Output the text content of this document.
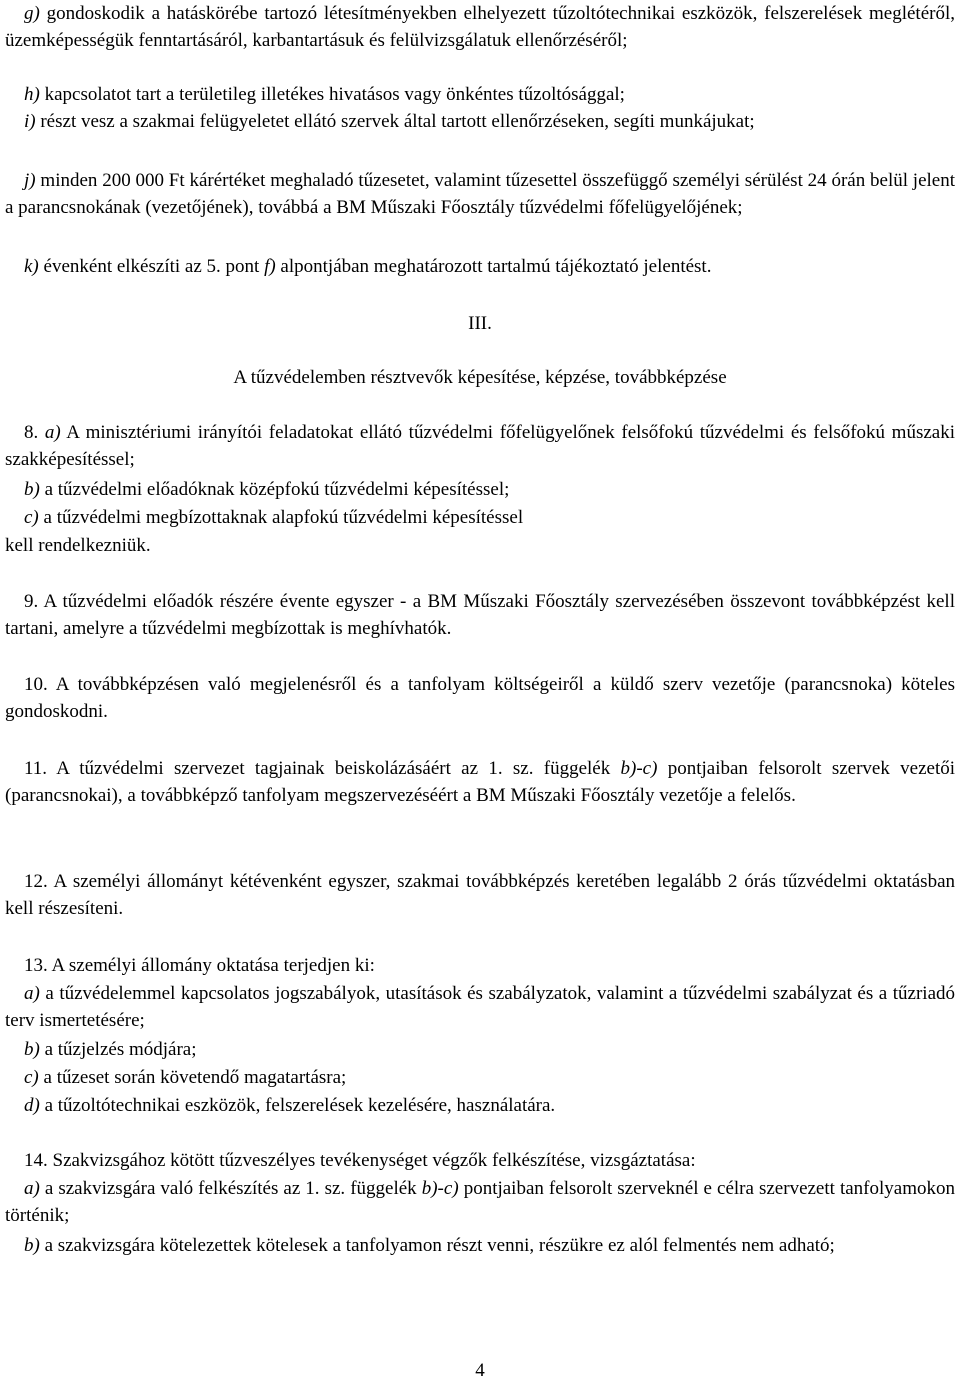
g) gondoskodik a hatáskörébe tartozó létesítményekben elhelyezett tűzoltótechnikai eszközök, felszerelések meglétéről, üzemképességük fenntartásáról, karbantartásuk és felülvizsgálatuk ellenőrzéséről;

h) kapcsolatot tart a területileg illetékes hivatásos vagy önkéntes tűzoltósággal;

i) részt vesz a szakmai felügyeletet ellátó szervek által tartott ellenőrzéseken, segíti munkájukat;

j) minden 200 000 Ft kárértéket meghaladó tűzesetet, valamint tűzesettel összefüggő személyi sérülést 24 órán belül jelent a parancsnokának (vezetőjének), továbbá a BM Műszaki Főosztály tűzvédelmi főfelügyelőjének;

k) évenként elkészíti az 5. pont f) alpontjában meghatározott tartalmú tájékoztató jelentést.

III.

A tűzvédelemben résztvevők képesítése, képzése, továbbképzése

8. a) A minisztériumi irányítói feladatokat ellátó tűzvédelmi főfelügyelőnek felsőfokú tűzvédelmi és felsőfokú műszaki szakképesítéssel;

b) a tűzvédelmi előadóknak középfokú tűzvédelmi képesítéssel;

c) a tűzvédelmi megbízottaknak alapfokú tűzvédelmi képesítéssel

kell rendelkezniük.

9. A tűzvédelmi előadók részére évente egyszer - a BM Műszaki Főosztály szervezésében összevont továbbképzést kell tartani, amelyre a tűzvédelmi megbízottak is meghívhatók.

10. A továbbképzésen való megjelenésről és a tanfolyam költségeiről a küldő szerv vezetője (parancsnoka) köteles gondoskodni.

11. A tűzvédelmi szervezet tagjainak beiskolázásáért az 1. sz. függelék b)-c) pontjaiban felsorolt szervek vezetői (parancsnokai), a továbbképző tanfolyam megszervezéséért a BM Műszaki Főosztály vezetője a felelős.

12. A személyi állományt kétévenként egyszer, szakmai továbbképzés keretében legalább 2 órás tűzvédelmi oktatásban kell részesíteni.

13. A személyi állomány oktatása terjedjen ki:

a) a tűzvédelemmel kapcsolatos jogszabályok, utasítások és szabályzatok, valamint a tűzvédelmi szabályzat és a tűzriadó terv ismertetésére;

b) a tűzjelzés módjára;

c) a tűzeset során követendő magatartásra;

d) a tűzoltótechnikai eszközök, felszerelések kezelésére, használatára.

14. Szakvizsgához kötött tűzveszélyes tevékenységet végzők felkészítése, vizsgáztatása:

a) a szakvizsgára való felkészítés az 1. sz. függelék b)-c) pontjaiban felsorolt szerveknél e célra szervezett tanfolyamokon történik;

b) a szakvizsgára kötelezettek kötelesek a tanfolyamon részt venni, részükre ez alól felmentés nem adható;

4
